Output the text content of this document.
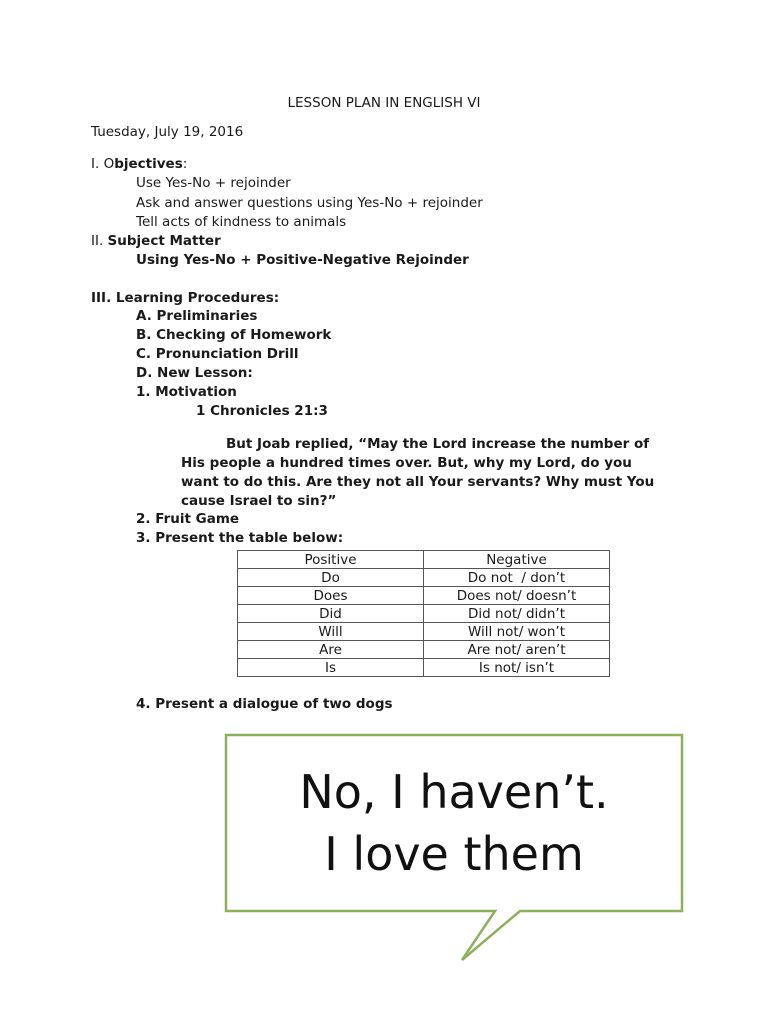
LESSON PLAN IN ENGLISH VI
Tuesday, July 19, 2016
I. Objectives:
Use Yes-No + rejoinder
Ask and answer questions using Yes-No + rejoinder
Tell acts of kindness to animals
II. Subject Matter
Using Yes-No + Positive-Negative Rejoinder
III. Learning Procedures:
A. Preliminaries
B. Checking of Homework
C. Pronunciation Drill
D. New Lesson:
1. Motivation
1 Chronicles 21:3
But Joab replied, “May the Lord increase the number of
His people a hundred times over. But, why my Lord, do you
want to do this. Are they not all Your servants? Why must You
cause Israel to sin?”
2. Fruit Game
3. Present the table below:
Positive	Negative
Do	Do not  / don’t
Does	Does not/ doesn’t
Did	Did not/ didn’t
Will	Will not/ won’t
Are	Are not/ aren’t
Is	Is not/ isn’t
4. Present a dialogue of two dogs
No, I haven’t.
I love them
